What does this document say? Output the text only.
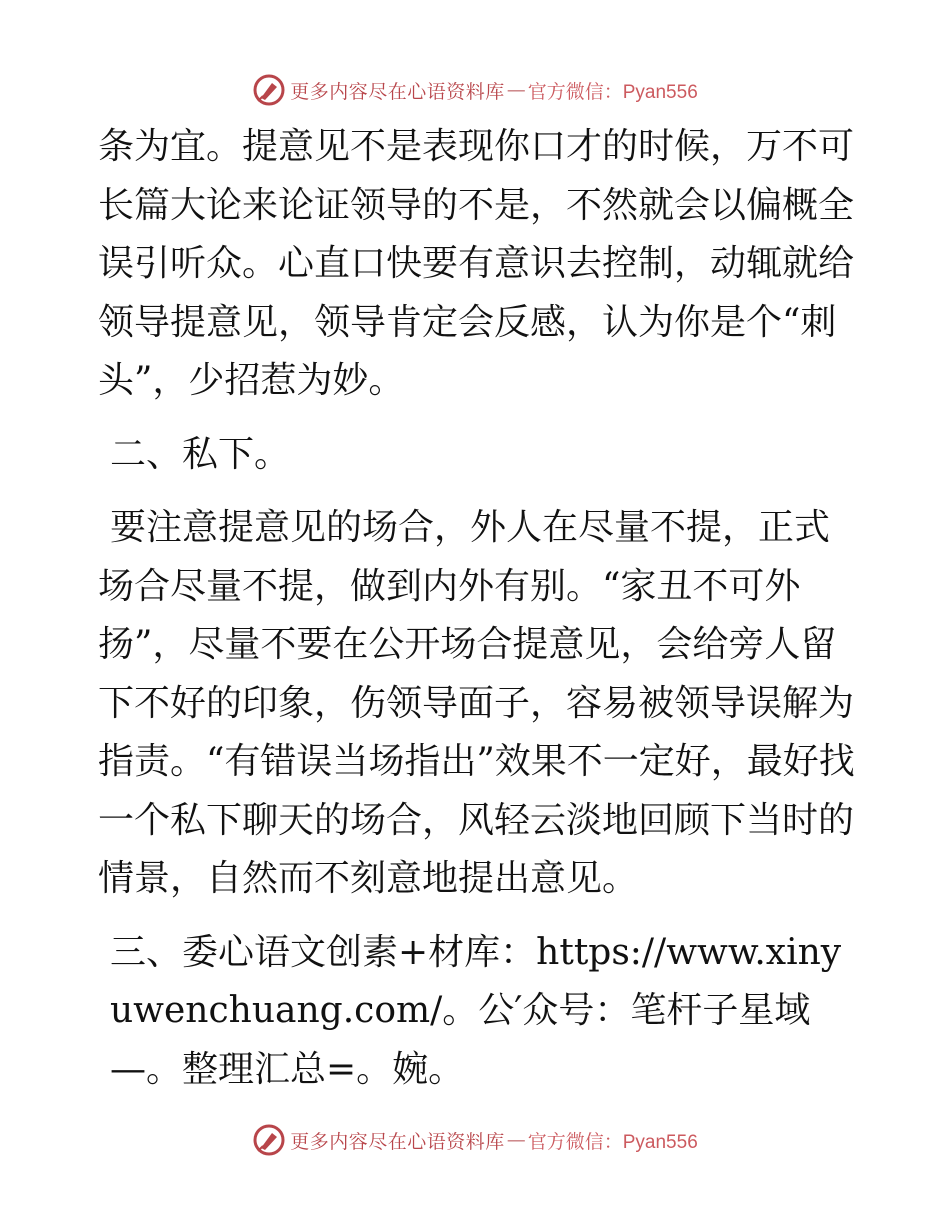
更多内容尽在心语资料库 — 官方微信：Pyan556

条为宜。提意见不是表现你口才的时候，万不可长篇大论来论证领导的不是，不然就会以偏概全误引听众。心直口快要有意识去控制，动辄就给领导提意见，领导肯定会反感，认为你是个“刺头”，少招惹为妙。

二、私下。

要注意提意见的场合，外人在尽量不提，正式场合尽量不提，做到内外有别。“家丑不可外扬”，尽量不要在公开场合提意见，会给旁人留下不好的印象，伤领导面子，容易被领导误解为指责。“有错误当场指出”效果不一定好，最好找一个私下聊天的场合，风轻云淡地回顾下当时的情景，自然而不刻意地提出意见。

三、委心语文创素+材库：https://www.xinyuwenchuang.com/。公′众号：笔杆子星域—。整理汇总=。婉。

更多内容尽在心语资料库 — 官方微信：Pyan556
